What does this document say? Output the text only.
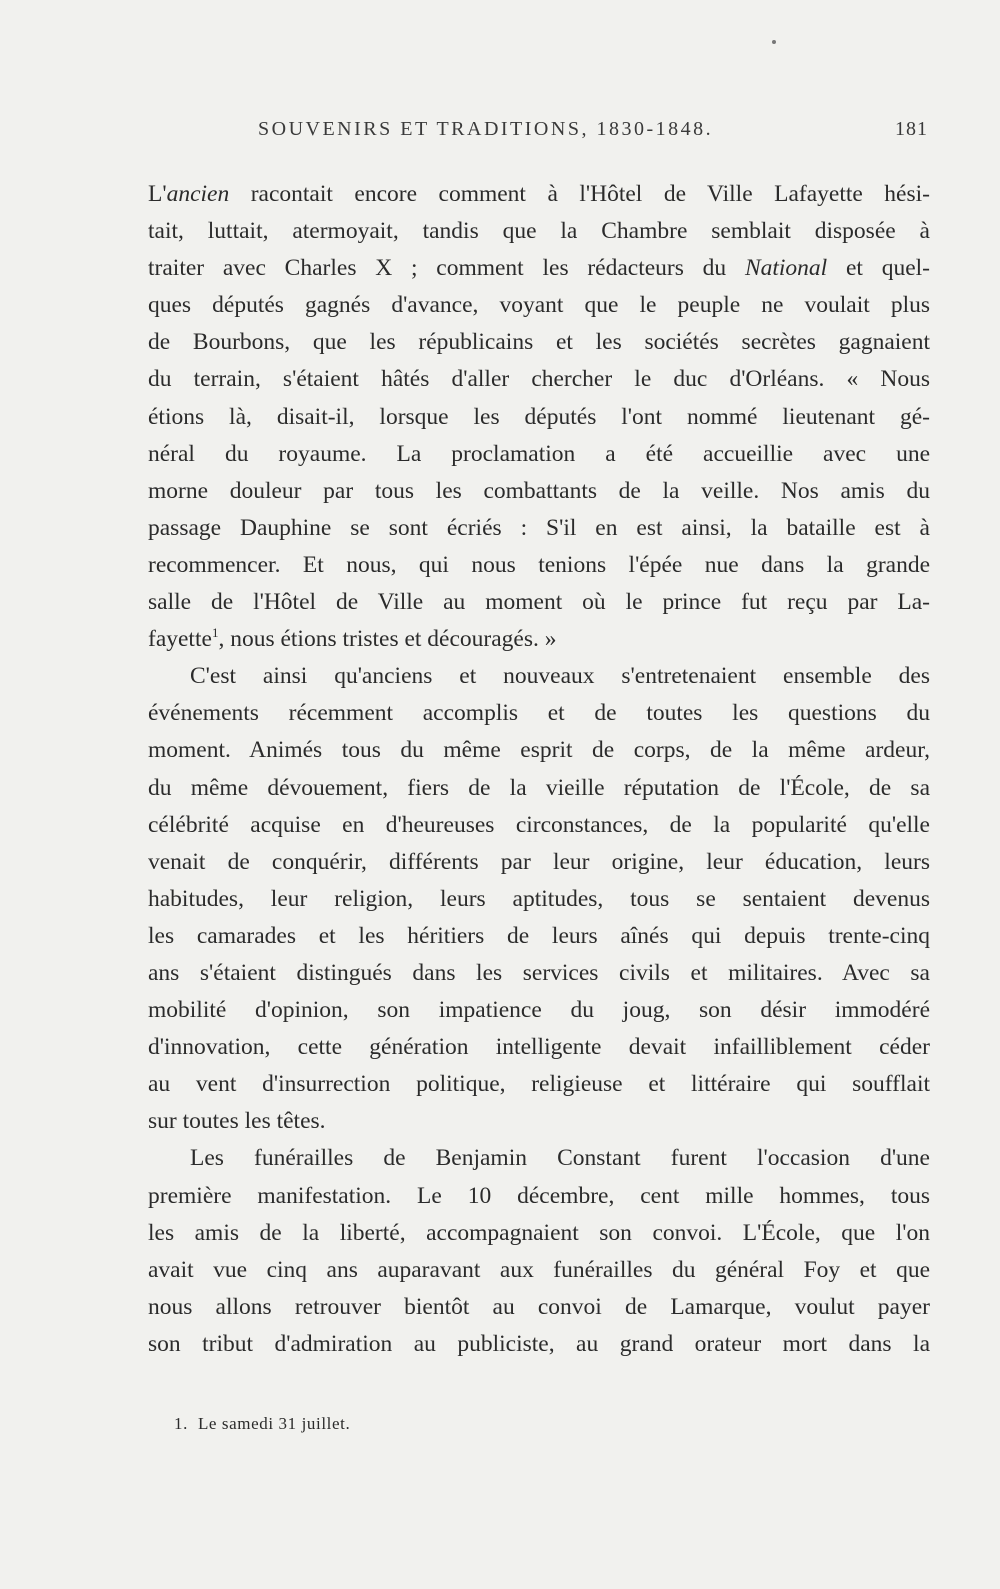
SOUVENIRS ET TRADITIONS, 1830-1848.	181
L'ancien racontait encore comment à l'Hôtel de Ville Lafayette hési-
tait, luttait, atermoyait, tandis que la Chambre semblait disposée à
traiter avec Charles X ; comment les rédacteurs du National et quel-
ques députés gagnés d'avance, voyant que le peuple ne voulait plus
de Bourbons, que les républicains et les sociétés secrètes gagnaient
du terrain, s'étaient hâtés d'aller chercher le duc d'Orléans. « Nous
étions là, disait-il, lorsque les députés l'ont nommé lieutenant gé-
néral du royaume. La proclamation a été accueillie avec une
morne douleur par tous les combattants de la veille. Nos amis du
passage Dauphine se sont écriés : S'il en est ainsi, la bataille est à
recommencer. Et nous, qui nous tenions l'épée nue dans la grande
salle de l'Hôtel de Ville au moment où le prince fut reçu par La-
fayette$^1$, nous étions tristes et découragés. »
C'est ainsi qu'anciens et nouveaux s'entretenaient ensemble des
événements récemment accomplis et de toutes les questions du
moment. Animés tous du même esprit de corps, de la même ardeur,
du même dévouement, fiers de la vieille réputation de l'École, de sa
célébrité acquise en d'heureuses circonstances, de la popularité qu'elle
venait de conquérir, différents par leur origine, leur éducation, leurs
habitudes, leur religion, leurs aptitudes, tous se sentaient devenus
les camarades et les héritiers de leurs aînés qui depuis trente-cinq
ans s'étaient distingués dans les services civils et militaires. Avec sa
mobilité d'opinion, son impatience du joug, son désir immodéré
d'innovation, cette génération intelligente devait infailliblement céder
au vent d'insurrection politique, religieuse et littéraire qui soufflait
sur toutes les têtes.
Les funérailles de Benjamin Constant furent l'occasion d'une
première manifestation. Le 10 décembre, cent mille hommes, tous
les amis de la liberté, accompagnaient son convoi. L'École, que l'on
avait vue cinq ans auparavant aux funérailles du général Foy et que
nous allons retrouver bientôt au convoi de Lamarque, voulut payer
son tribut d'admiration au publiciste, au grand orateur mort dans la
1. Le samedi 31 juillet.
